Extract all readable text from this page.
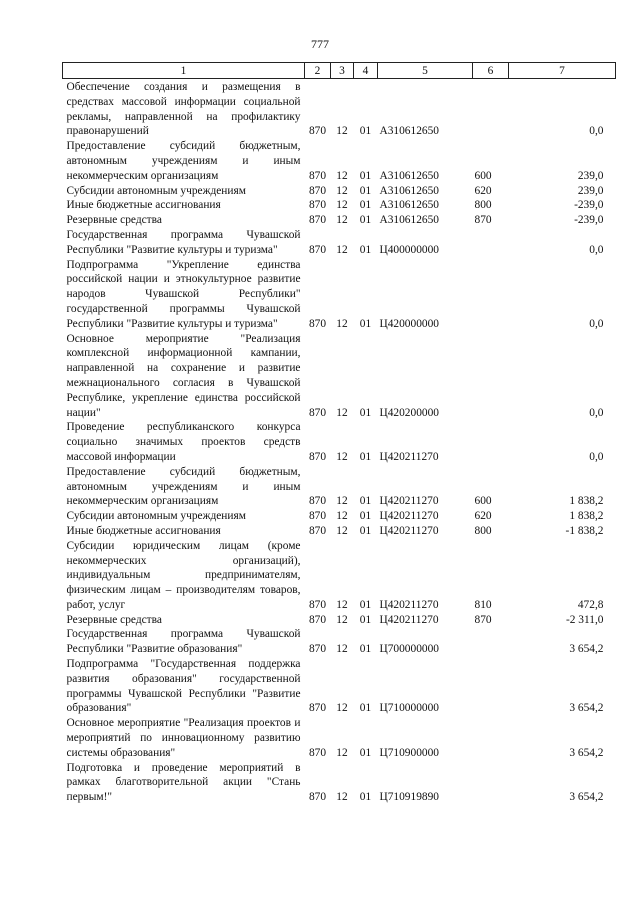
777
1	2	3	4	5	6	7
Обеспечение создания и размещения в средствах массовой информации социальной рекламы, направленной на профилактику правонарушений	870	12	01	А310612650		0,0
Предоставление субсидий бюджетным, автономным учреждениям и иным некоммерческим организациям	870	12	01	А310612650	600	239,0
Субсидии автономным учреждениям	870	12	01	А310612650	620	239,0
Иные бюджетные ассигнования	870	12	01	А310612650	800	-239,0
Резервные средства	870	12	01	А310612650	870	-239,0
Государственная программа Чувашской Республики "Развитие культуры и туризма"	870	12	01	Ц400000000		0,0
Подпрограмма "Укрепление единства российской нации и этнокультурное развитие народов Чувашской Республики" государственной программы Чувашской Республики "Развитие культуры и туризма"	870	12	01	Ц420000000		0,0
Основное мероприятие "Реализация комплексной информационной кампании, направленной на сохранение и развитие межнационального согласия в Чувашской Республике, укрепление единства российской нации"	870	12	01	Ц420200000		0,0
Проведение республиканского конкурса социально значимых проектов средств массовой информации	870	12	01	Ц420211270		0,0
Предоставление субсидий бюджетным, автономным учреждениям и иным некоммерческим организациям	870	12	01	Ц420211270	600	1 838,2
Субсидии автономным учреждениям	870	12	01	Ц420211270	620	1 838,2
Иные бюджетные ассигнования	870	12	01	Ц420211270	800	-1 838,2
Субсидии юридическим лицам (кроме некоммерческих организаций), индивидуальным предпринимателям, физическим лицам – производителям товаров, работ, услуг	870	12	01	Ц420211270	810	472,8
Резервные средства	870	12	01	Ц420211270	870	-2 311,0
Государственная программа Чувашской Республики "Развитие образования"	870	12	01	Ц700000000		3 654,2
Подпрограмма "Государственная поддержка развития образования" государственной программы Чувашской Республики "Развитие образования"	870	12	01	Ц710000000		3 654,2
Основное мероприятие "Реализация проектов и мероприятий по инновационному развитию системы образования"	870	12	01	Ц710900000		3 654,2
Подготовка и проведение мероприятий в рамках благотворительной акции "Стань первым!"	870	12	01	Ц710919890		3 654,2
